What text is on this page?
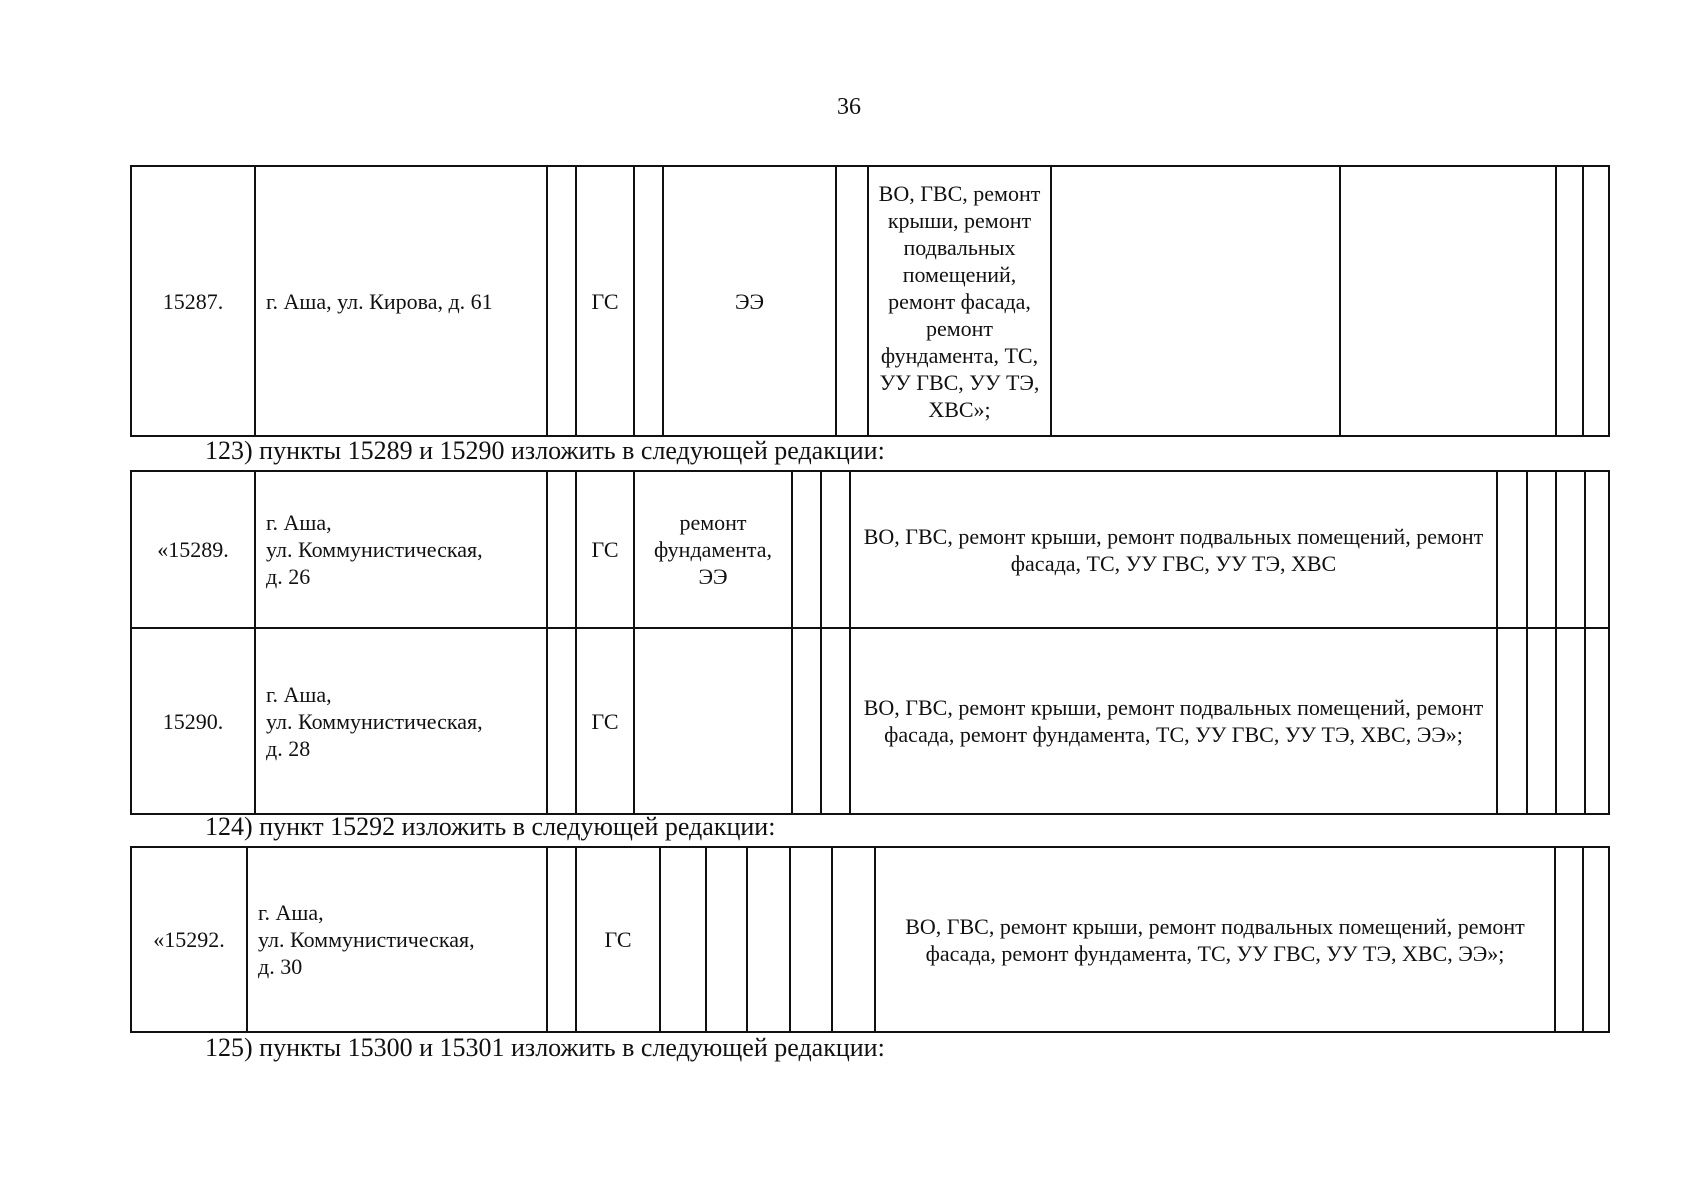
36
15287.	г. Аша, ул. Кирова, д. 61		ГС		ЭЭ		ВО, ГВС, ремонт крыши, ремонт подвальных помещений, ремонт фасада, ремонт фундамента, ТС, УУ ГВС, УУ ТЭ, ХВС»;				
123) пункты 15289 и 15290 изложить в следующей редакции:
«15289.	г. Аша,
ул. Коммунистическая,
д. 26		ГС	ремонт фундамента, ЭЭ			ВО, ГВС, ремонт крыши, ремонт подвальных помещений, ремонт фасада, ТС, УУ ГВС, УУ ТЭ, ХВС				
15290.	г. Аша,
ул. Коммунистическая,
д. 28		ГС				ВО, ГВС, ремонт крыши, ремонт подвальных помещений, ремонт фасада, ремонт фундамента, ТС, УУ ГВС, УУ ТЭ, ХВС, ЭЭ»;				
124) пункт 15292 изложить в следующей редакции:
«15292.	г. Аша,
ул. Коммунистическая,
д. 30		ГС						ВО, ГВС, ремонт крыши, ремонт подвальных помещений, ремонт фасада, ремонт фундамента, ТС, УУ ГВС, УУ ТЭ, ХВС, ЭЭ»;		
125) пункты 15300 и 15301 изложить в следующей редакции:
